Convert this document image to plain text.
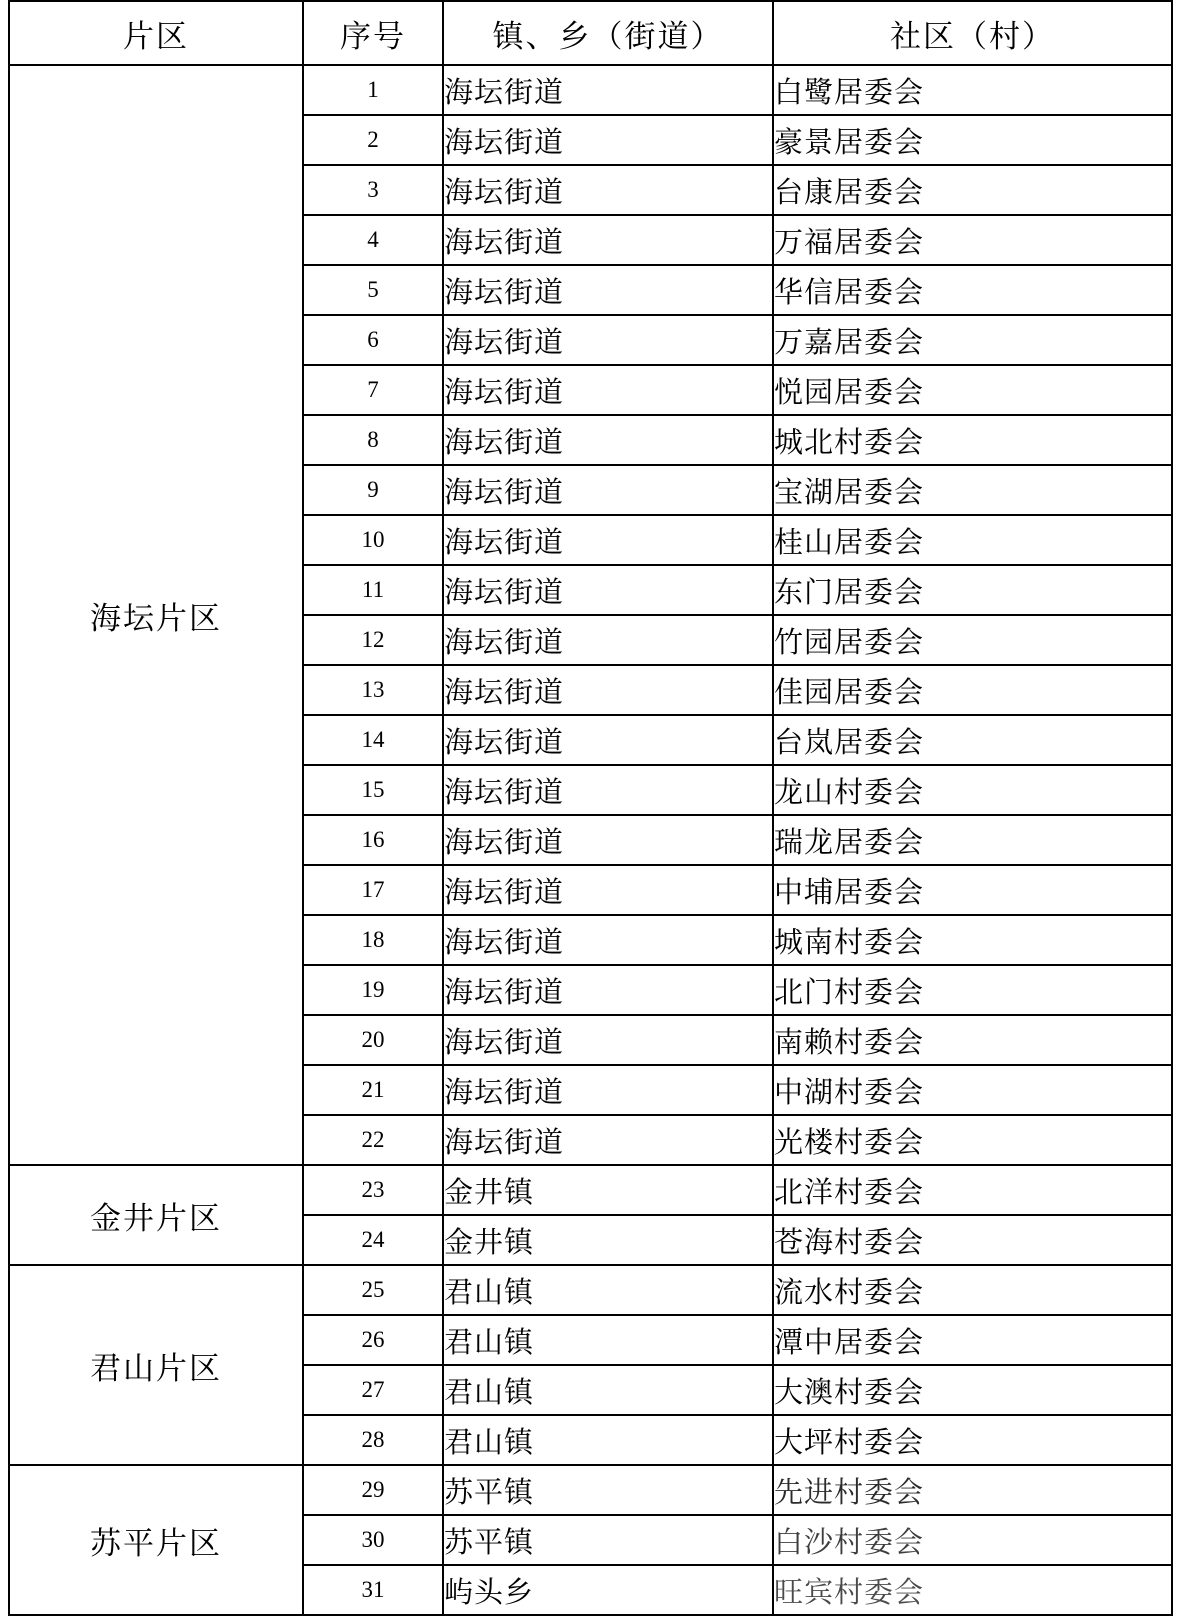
片区	序号	镇、乡（街道）	社区（村）
海坛片区	1	海坛街道	白鹭居委会
	2	海坛街道	豪景居委会
	3	海坛街道	台康居委会
	4	海坛街道	万福居委会
	5	海坛街道	华信居委会
	6	海坛街道	万嘉居委会
	7	海坛街道	悦园居委会
	8	海坛街道	城北村委会
	9	海坛街道	宝湖居委会
	10	海坛街道	桂山居委会
	11	海坛街道	东门居委会
	12	海坛街道	竹园居委会
	13	海坛街道	佳园居委会
	14	海坛街道	台岚居委会
	15	海坛街道	龙山村委会
	16	海坛街道	瑞龙居委会
	17	海坛街道	中埔居委会
	18	海坛街道	城南村委会
	19	海坛街道	北门村委会
	20	海坛街道	南赖村委会
	21	海坛街道	中湖村委会
	22	海坛街道	光楼村委会
金井片区	23	金井镇	北洋村委会
	24	金井镇	苍海村委会
君山片区	25	君山镇	流水村委会
	26	君山镇	潭中居委会
	27	君山镇	大澳村委会
	28	君山镇	大坪村委会
苏平片区	29	苏平镇	先进村委会
	30	苏平镇	白沙村委会
	31	屿头乡	旺宾村委会
